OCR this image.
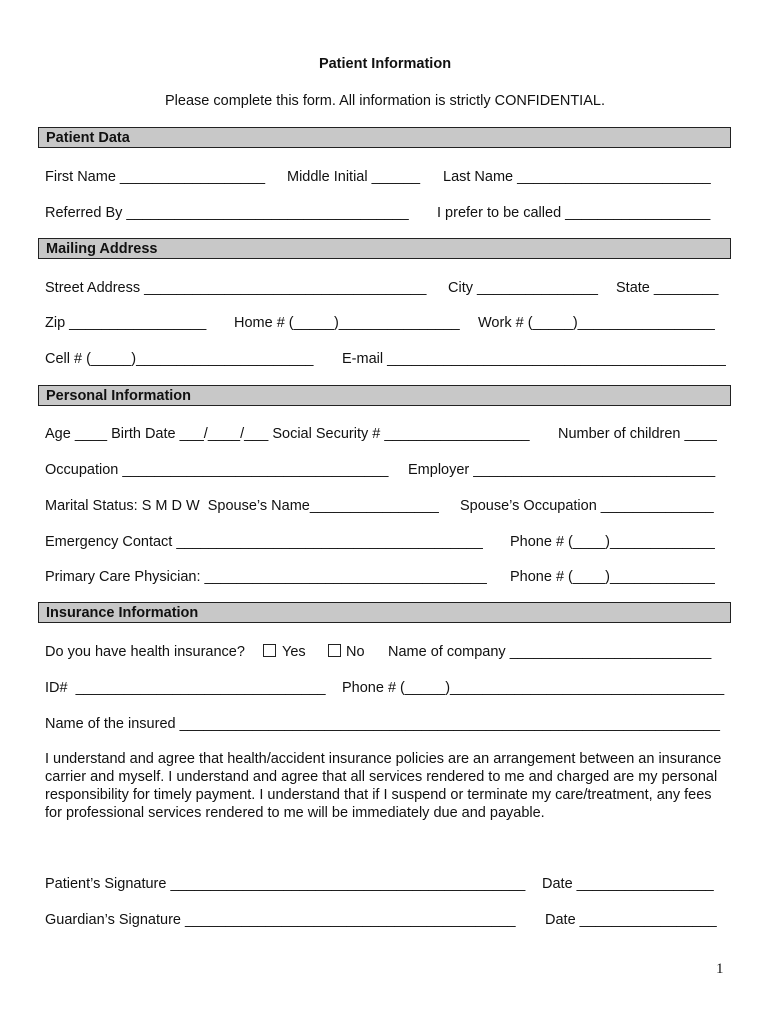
Patient Information
Please complete this form. All information is strictly CONFIDENTIAL.
Patient Data
First Name __________________ Middle Initial ______ Last Name ________________________
Referred By ___________________________________ I prefer to be called __________________
Mailing Address
Street Address ___________________________________ City _______________ State ________
Zip _________________ Home # (_____)_______________ Work # (_____)_________________
Cell # (_____)______________________ E-mail __________________________________________
Personal Information
Age ____ Birth Date ___/____/___ Social Security # __________________ Number of children ____
Occupation _________________________________ Employer ______________________________
Marital Status: S M D W  Spouse’s Name________________ Spouse’s Occupation ______________
Emergency Contact ______________________________________ Phone # (____)_____________
Primary Care Physician: ___________________________________ Phone # (____)_____________
Insurance Information
Do you have health insurance?	Yes	No Name of company _________________________
ID#  _______________________________ Phone # (_____)__________________________________
Name of the insured ___________________________________________________________________
I understand and agree that health/accident insurance policies are an arrangement between an insurance carrier and myself. I understand and agree that all services rendered to me and charged are my personal responsibility for timely payment. I understand that if I suspend or terminate my care/treatment, any fees for professional services rendered to me will be immediately due and payable.
Patient’s Signature ____________________________________________ Date _________________
Guardian’s Signature _________________________________________ Date _________________
1
